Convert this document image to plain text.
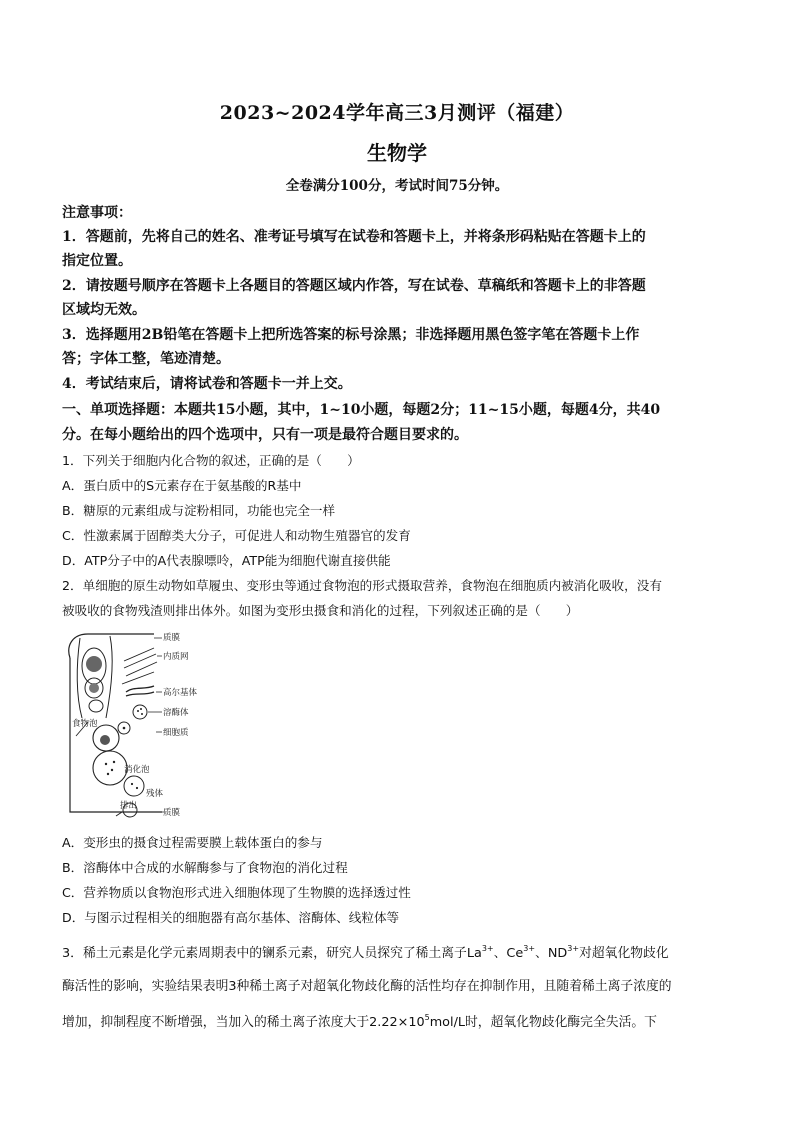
2023~2024学年高三3月测评（福建）
生物学
全卷满分100分，考试时间75分钟。
注意事项：
1．答题前，先将自己的姓名、准考证号填写在试卷和答题卡上，并将条形码粘贴在答题卡上的
指定位置。
2．请按题号顺序在答题卡上各题目的答题区域内作答，写在试卷、草稿纸和答题卡上的非答题
区域均无效。
3．选择题用2B铅笔在答题卡上把所选答案的标号涂黑；非选择题用黑色签字笔在答题卡上作
答；字体工整，笔迹清楚。
4．考试结束后，请将试卷和答题卡一并上交。
一、单项选择题：本题共15小题，其中，1~10小题，每题2分；11~15小题，每题4分，共40
分。在每小题给出的四个选项中，只有一项是最符合题目要求的。
1．下列关于细胞内化合物的叙述，正确的是（　　）
A．蛋白质中的S元素存在于氨基酸的R基中
B．糖原的元素组成与淀粉相同，功能也完全一样
C．性激素属于固醇类大分子，可促进人和动物生殖器官的发育
D．ATP分子中的A代表腺嘌呤，ATP能为细胞代谢直接供能
2．单细胞的原生动物如草履虫、变形虫等通过食物泡的形式摄取营养，食物泡在细胞质内被消化吸收，没有
被吸收的食物残渣则排出体外。如图为变形虫摄食和消化的过程，下列叙述正确的是（　　）
质膜
内质网
高尔基体
溶酶体
细胞质
食物泡
消化泡
残体
排出
质膜
A．变形虫的摄食过程需要膜上载体蛋白的参与
B．溶酶体中合成的水解酶参与了食物泡的消化过程
C．营养物质以食物泡形式进入细胞体现了生物膜的选择透过性
D．与图示过程相关的细胞器有高尔基体、溶酶体、线粒体等
3．稀土元素是化学元素周期表中的镧系元素，研究人员探究了稀土离子$La^{3+}$、$Ce^{3+}$、$ND^{3+}$对超氧化物歧化
酶活性的影响，实验结果表明3种稀土离子对超氧化物歧化酶的活性均存在抑制作用，且随着稀土离子浓度的
增加，抑制程度不断增强，当加入的稀土离子浓度大于$2.22\times 10^5mol/L$时，超氧化物歧化酶完全失活。下
